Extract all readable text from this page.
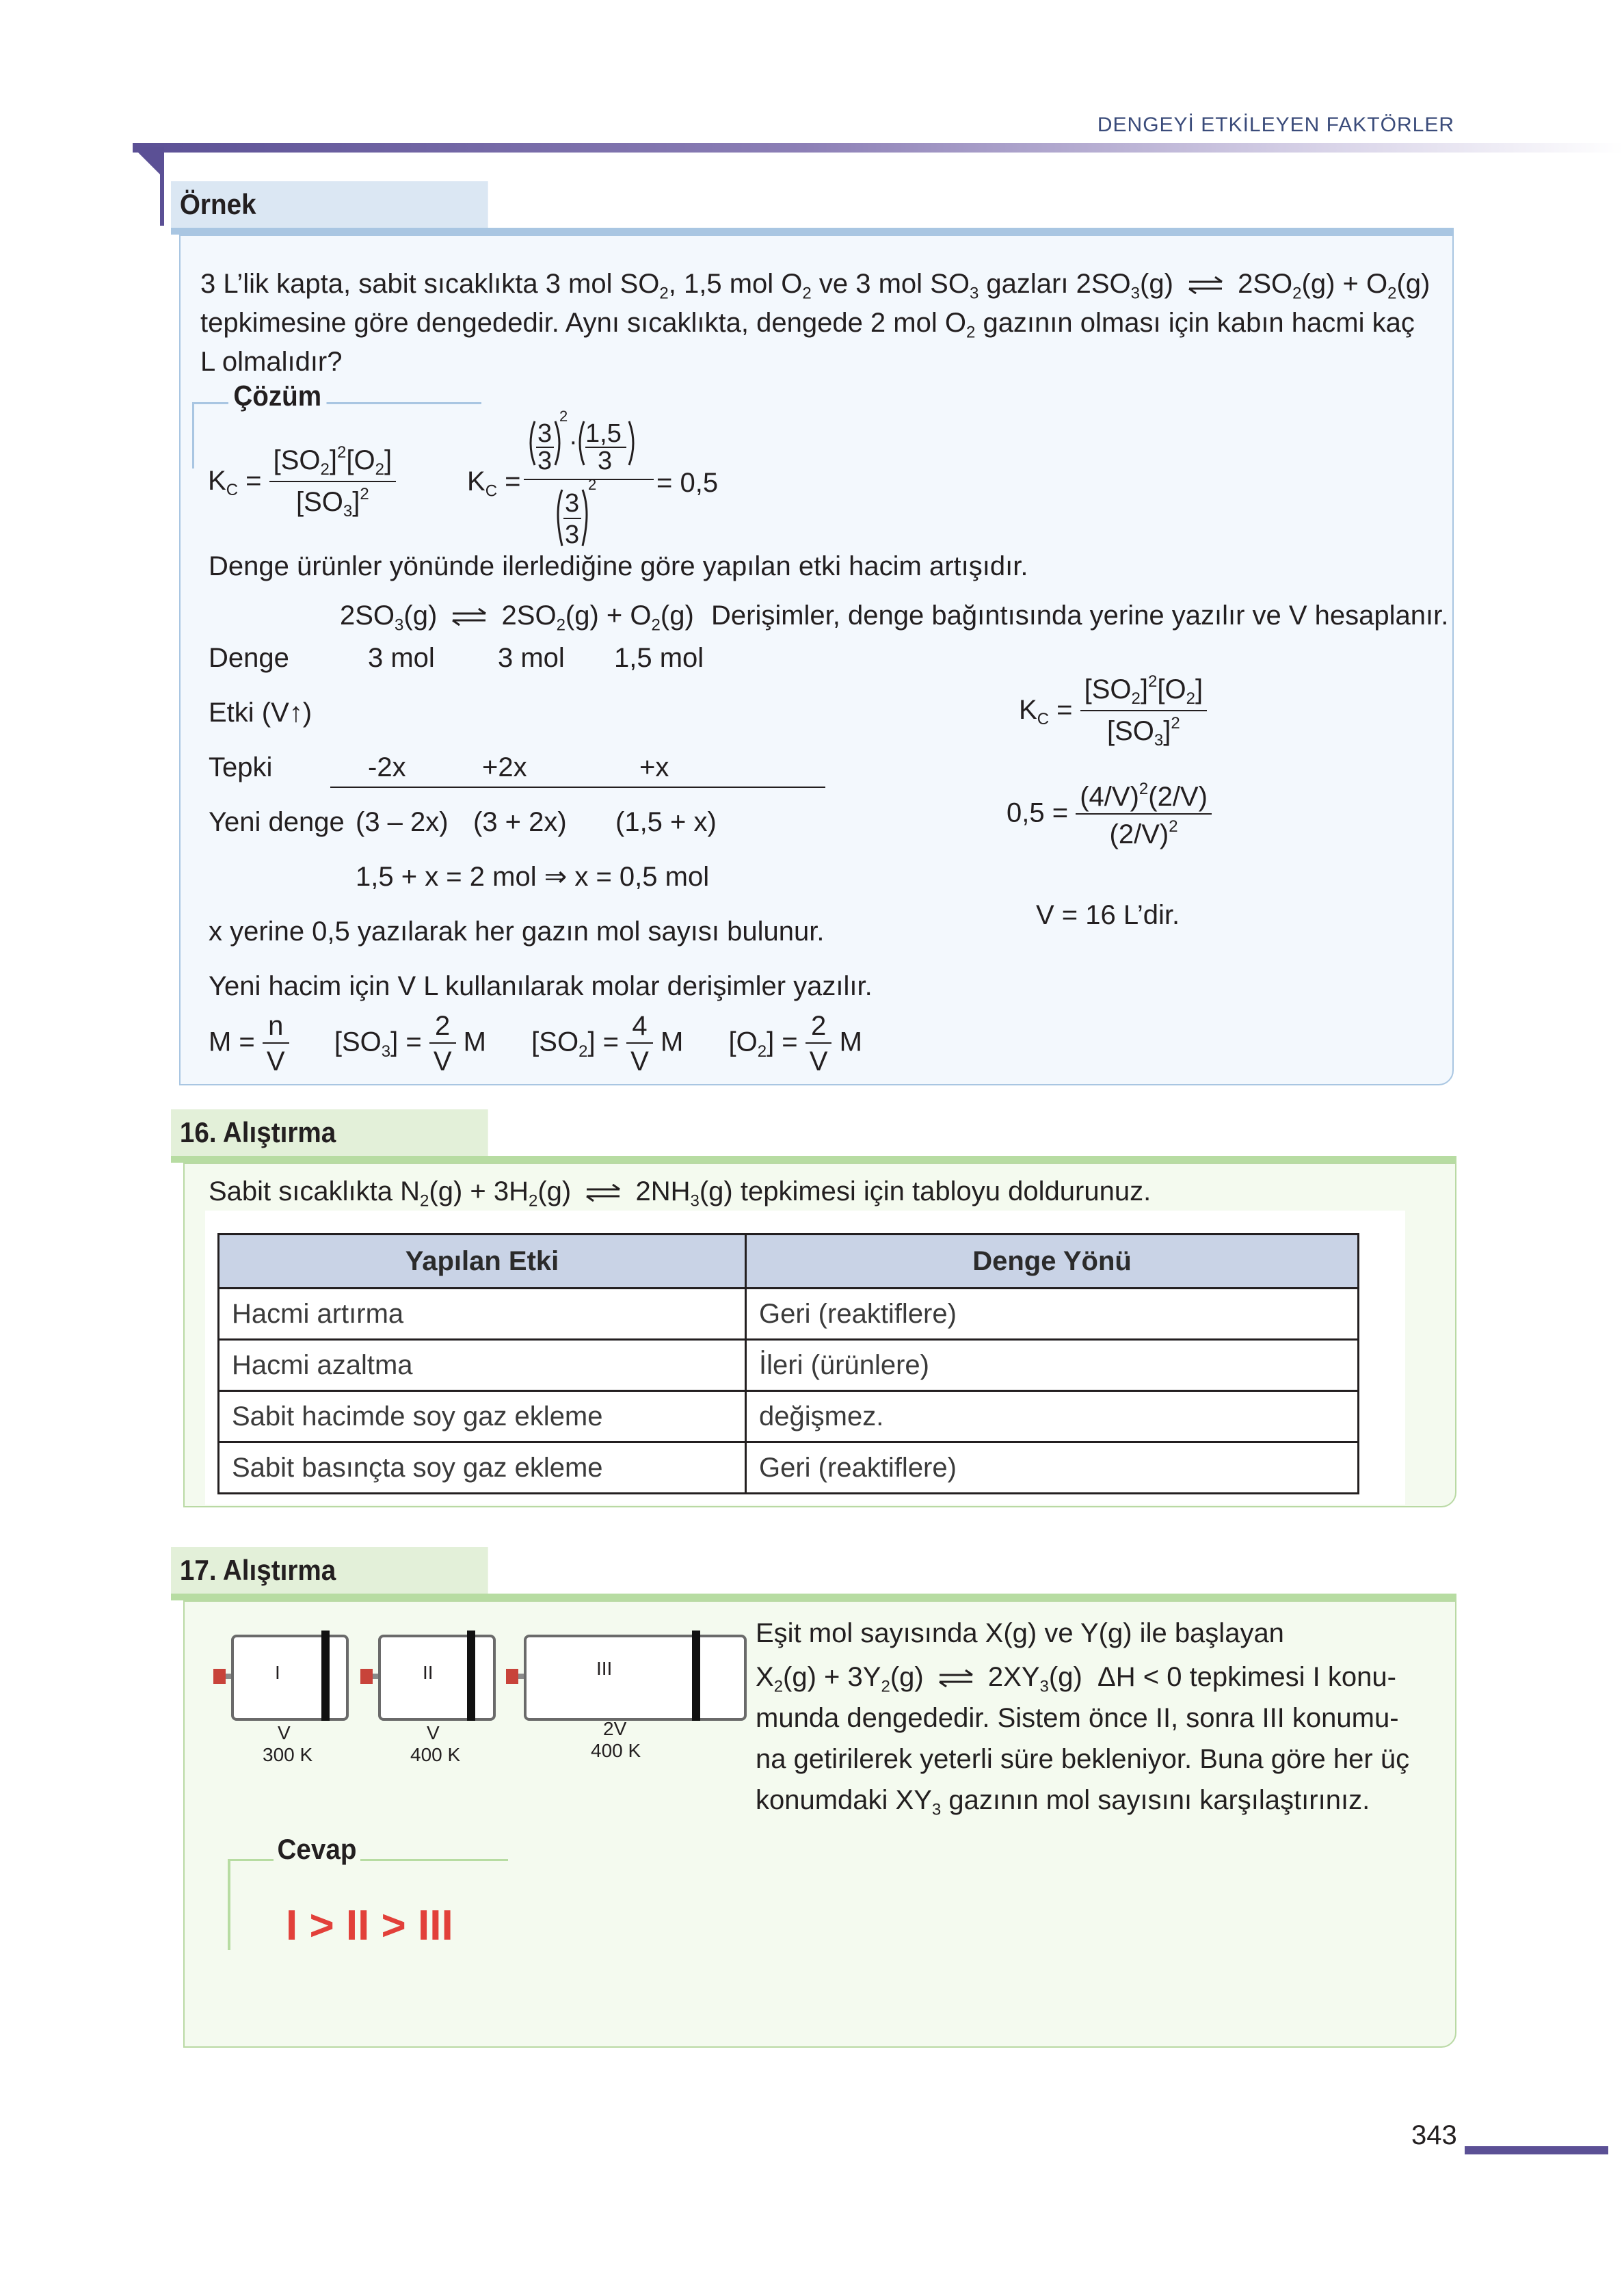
DENGEYİ ETKİLEYEN FAKTÖRLER
Örnek
3 L’lik kapta, sabit sıcaklıkta 3 mol $SO_2$, 1,5 mol $O_2$ ve 3 mol $SO_3$ gazları $2SO_3(g) 2SO_2(g) + O_2(g)$
tepkimesine göre dengededir. Aynı sıcaklıkta, dengede 2 mol $O_2$ gazının olması için kabın hacmi kaç
L olmalıdır?
Çözüm
$K_C = \frac{[SO_2]^2[O_2]}{[SO_3]^2}$	$K_C$ =
3
3
2
· 1,5
3
3
3
2 = 0,5
Denge ürünler yönünde ilerlediğine göre yapılan etki hacim artışıdır.
$2SO_3(g) 2SO_2(g) + O_2(g)$ Derişimler, denge bağıntısında yerine yazılır ve V hesaplanır.
Denge	3 mol 3 mol 1,5 mol
Etki (V↑)
Tepki	-2x	+2x	+x
Yeni denge (3 – 2x) (3 + 2x) (1,5 + x)
1,5 + x = 2 mol ⇒ x = 0,5 mol
x yerine 0,5 yazılarak her gazın mol sayısı bulunur.
Yeni hacim için V L kullanılarak molar derişimler yazılır.
$M = \frac{n}{V} [SO_3] = \frac{2}{V}$ M  $[SO_2] = \frac{4}{V}$ M  $[O_2] = \frac{2}{V}$ M
$K_C = \frac{[SO_2]^2[O_2]}{[SO_3]^2}$
$0,5 = \frac{(4/V)^2(2/V)}{(2/V)^2}$
V = 16 L’dir.
16. Alıştırma
Sabit sıcaklıkta $N_2(g) + 3H_2(g)$  $2NH_3(g)$ tepkimesi için tabloyu doldurunuz.
Yapılan Etki	Denge Yönü
Hacmi artırma	Geri (reaktiflere)
Hacmi azaltma	İleri (ürünlere)
Sabit hacimde soy gaz ekleme	değişmez.
Sabit basınçta soy gaz ekleme	Geri (reaktiflere)
17. Alıştırma
I
V
300 K
II
V
400 K
III
2V
400 K
Eşit mol sayısında X(g) ve Y(g) ile başlayan
$X_2(g) + 3Y_2(g)$  $2XY_3(g) \Delta H < 0$ tepkimesi I konu-
munda dengededir. Sistem önce II, sonra III konumu-
na getirilerek yeterli süre bekleniyor. Buna göre her üç
konumdaki $XY_3$ gazının mol sayısını karşılaştırınız.
Cevap
I > II > III
343
